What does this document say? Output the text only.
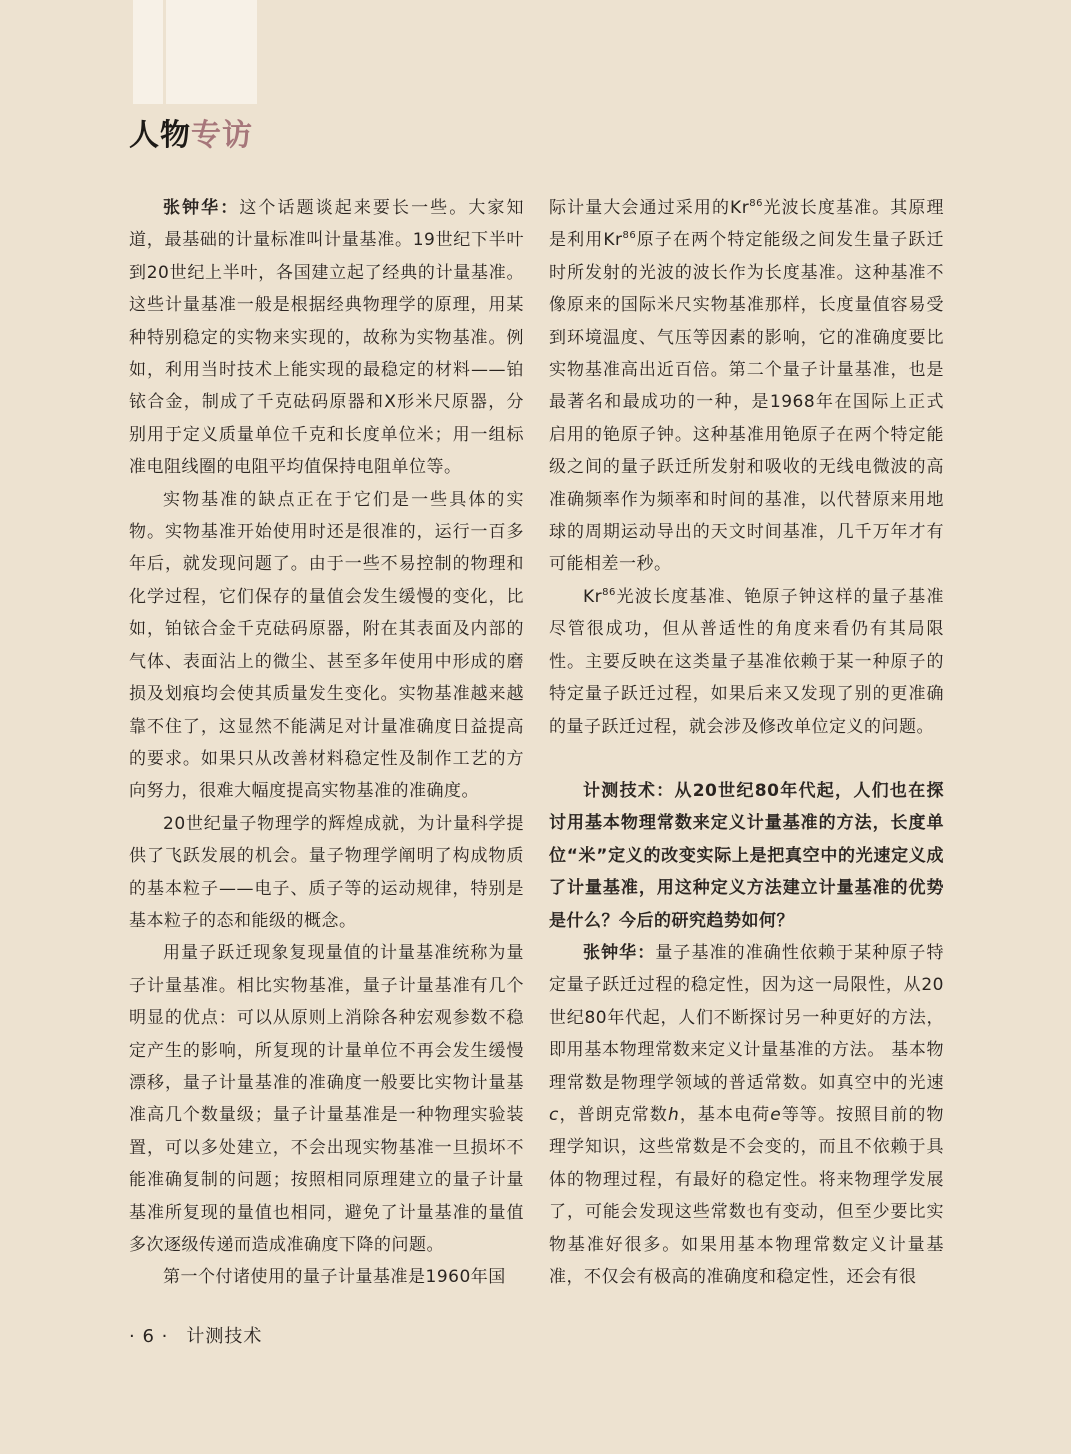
人物专访

张钟华：这个话题谈起来要长一些。大家知道，最基础的计量标准叫计量基准。19世纪下半叶到20世纪上半叶，各国建立起了经典的计量基准。这些计量基准一般是根据经典物理学的原理，用某种特别稳定的实物来实现的，故称为实物基准。例如，利用当时技术上能实现的最稳定的材料——铂铱合金，制成了千克砝码原器和X形米尺原器，分别用于定义质量单位千克和长度单位米；用一组标准电阻线圈的电阻平均值保持电阻单位等。

实物基准的缺点正在于它们是一些具体的实物。实物基准开始使用时还是很准的，运行一百多年后，就发现问题了。由于一些不易控制的物理和化学过程，它们保存的量值会发生缓慢的变化，比如，铂铱合金千克砝码原器，附在其表面及内部的气体、表面沾上的微尘、甚至多年使用中形成的磨损及划痕均会使其质量发生变化。实物基准越来越靠不住了，这显然不能满足对计量准确度日益提高的要求。如果只从改善材料稳定性及制作工艺的方向努力，很难大幅度提高实物基准的准确度。

20世纪量子物理学的辉煌成就，为计量科学提供了飞跃发展的机会。量子物理学阐明了构成物质的基本粒子——电子、质子等的运动规律，特别是基本粒子的态和能级的概念。

用量子跃迁现象复现量值的计量基准统称为量子计量基准。相比实物基准，量子计量基准有几个明显的优点：可以从原则上消除各种宏观参数不稳定产生的影响，所复现的计量单位不再会发生缓慢漂移，量子计量基准的准确度一般要比实物计量基准高几个数量级；量子计量基准是一种物理实验装置，可以多处建立，不会出现实物基准一旦损坏不能准确复制的问题；按照相同原理建立的量子计量基准所复现的量值也相同，避免了计量基准的量值多次逐级传递而造成准确度下降的问题。

第一个付诸使用的量子计量基准是1960年国

际计量大会通过采用的Kr$^{86}$光波长度基准。其原理是利用Kr$^{86}$原子在两个特定能级之间发生量子跃迁时所发射的光波的波长作为长度基准。这种基准不像原来的国际米尺实物基准那样，长度量值容易受到环境温度、气压等因素的影响，它的准确度要比实物基准高出近百倍。第二个量子计量基准，也是最著名和最成功的一种，是1968年在国际上正式启用的铯原子钟。这种基准用铯原子在两个特定能级之间的量子跃迁所发射和吸收的无线电微波的高准确频率作为频率和时间的基准，以代替原来用地球的周期运动导出的天文时间基准，几千万年才有可能相差一秒。

Kr$^{86}$光波长度基准、铯原子钟这样的量子基准尽管很成功，但从普适性的角度来看仍有其局限性。主要反映在这类量子基准依赖于某一种原子的特定量子跃迁过程，如果后来又发现了别的更准确的量子跃迁过程，就会涉及修改单位定义的问题。

计测技术：从20世纪80年代起，人们也在探讨用基本物理常数来定义计量基准的方法，长度单位“米”定义的改变实际上是把真空中的光速定义成了计量基准，用这种定义方法建立计量基准的优势是什么？今后的研究趋势如何？

张钟华：量子基准的准确性依赖于某种原子特定量子跃迁过程的稳定性，因为这一局限性，从20世纪80年代起，人们不断探讨另一种更好的方法，即用基本物理常数来定义计量基准的方法。 基本物理常数是物理学领域的普适常数。如真空中的光速c，普朗克常数h，基本电荷e等等。按照目前的物理学知识，这些常数是不会变的，而且不依赖于具体的物理过程，有最好的稳定性。将来物理学发展了，可能会发现这些常数也有变动，但至少要比实物基准好很多。如果用基本物理常数定义计量基准，不仅会有极高的准确度和稳定性，还会有很

· 6 · 计测技术
